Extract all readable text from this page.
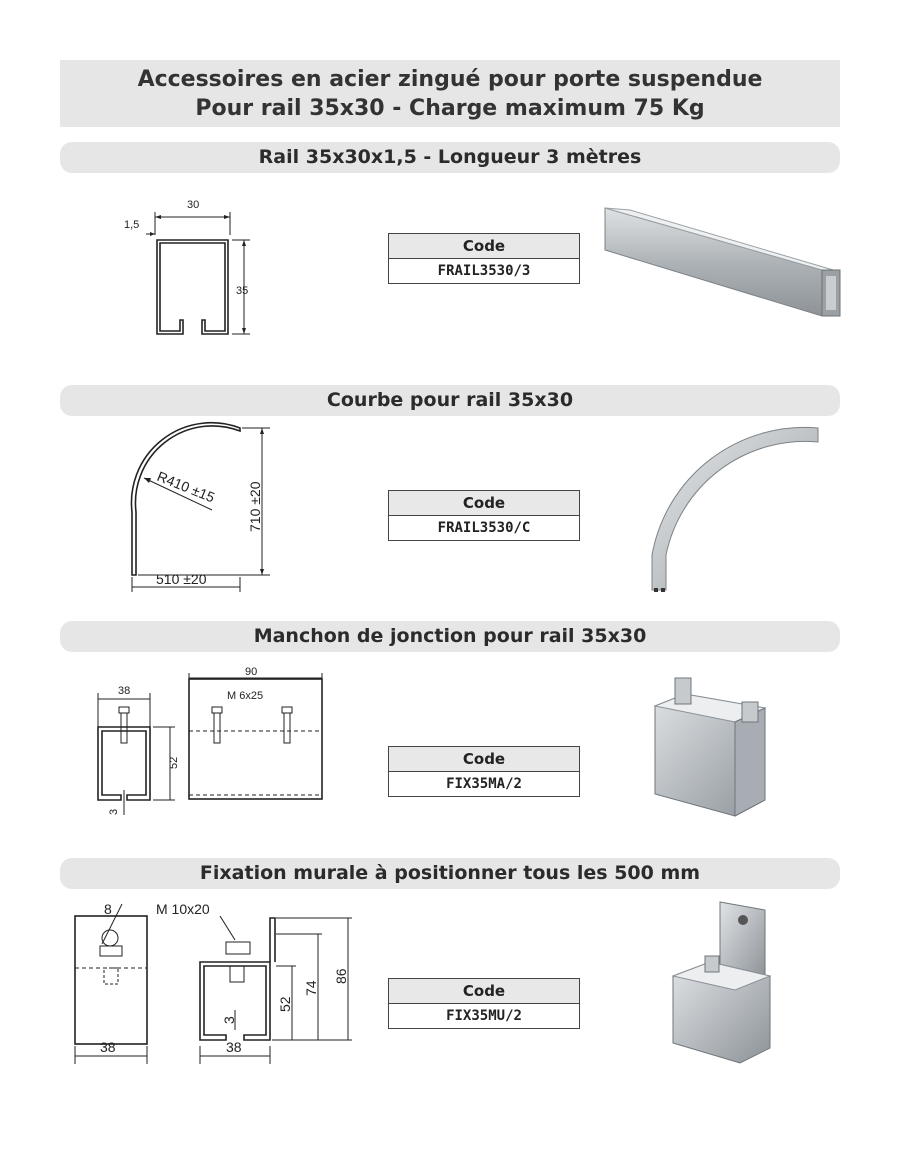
Accessoires en acier zingué pour porte suspendue
Pour rail 35x30 - Charge maximum 75 Kg
Rail 35x30x1,5 - Longueur 3 mètres
30
1,5
35
Code
FRAIL3530/3
Courbe pour rail 35x30
710 ±20
510 ±20
R410 ±15	Code
FRAIL3530/C
Manchon de jonction pour rail 35x30
38
52
3
90
M 6x25
Code
FIX35MA/2
Fixation murale à positionner tous les 500 mm
8
38
M 10x20
3
38
52
74
86
Code
FIX35MU/2
